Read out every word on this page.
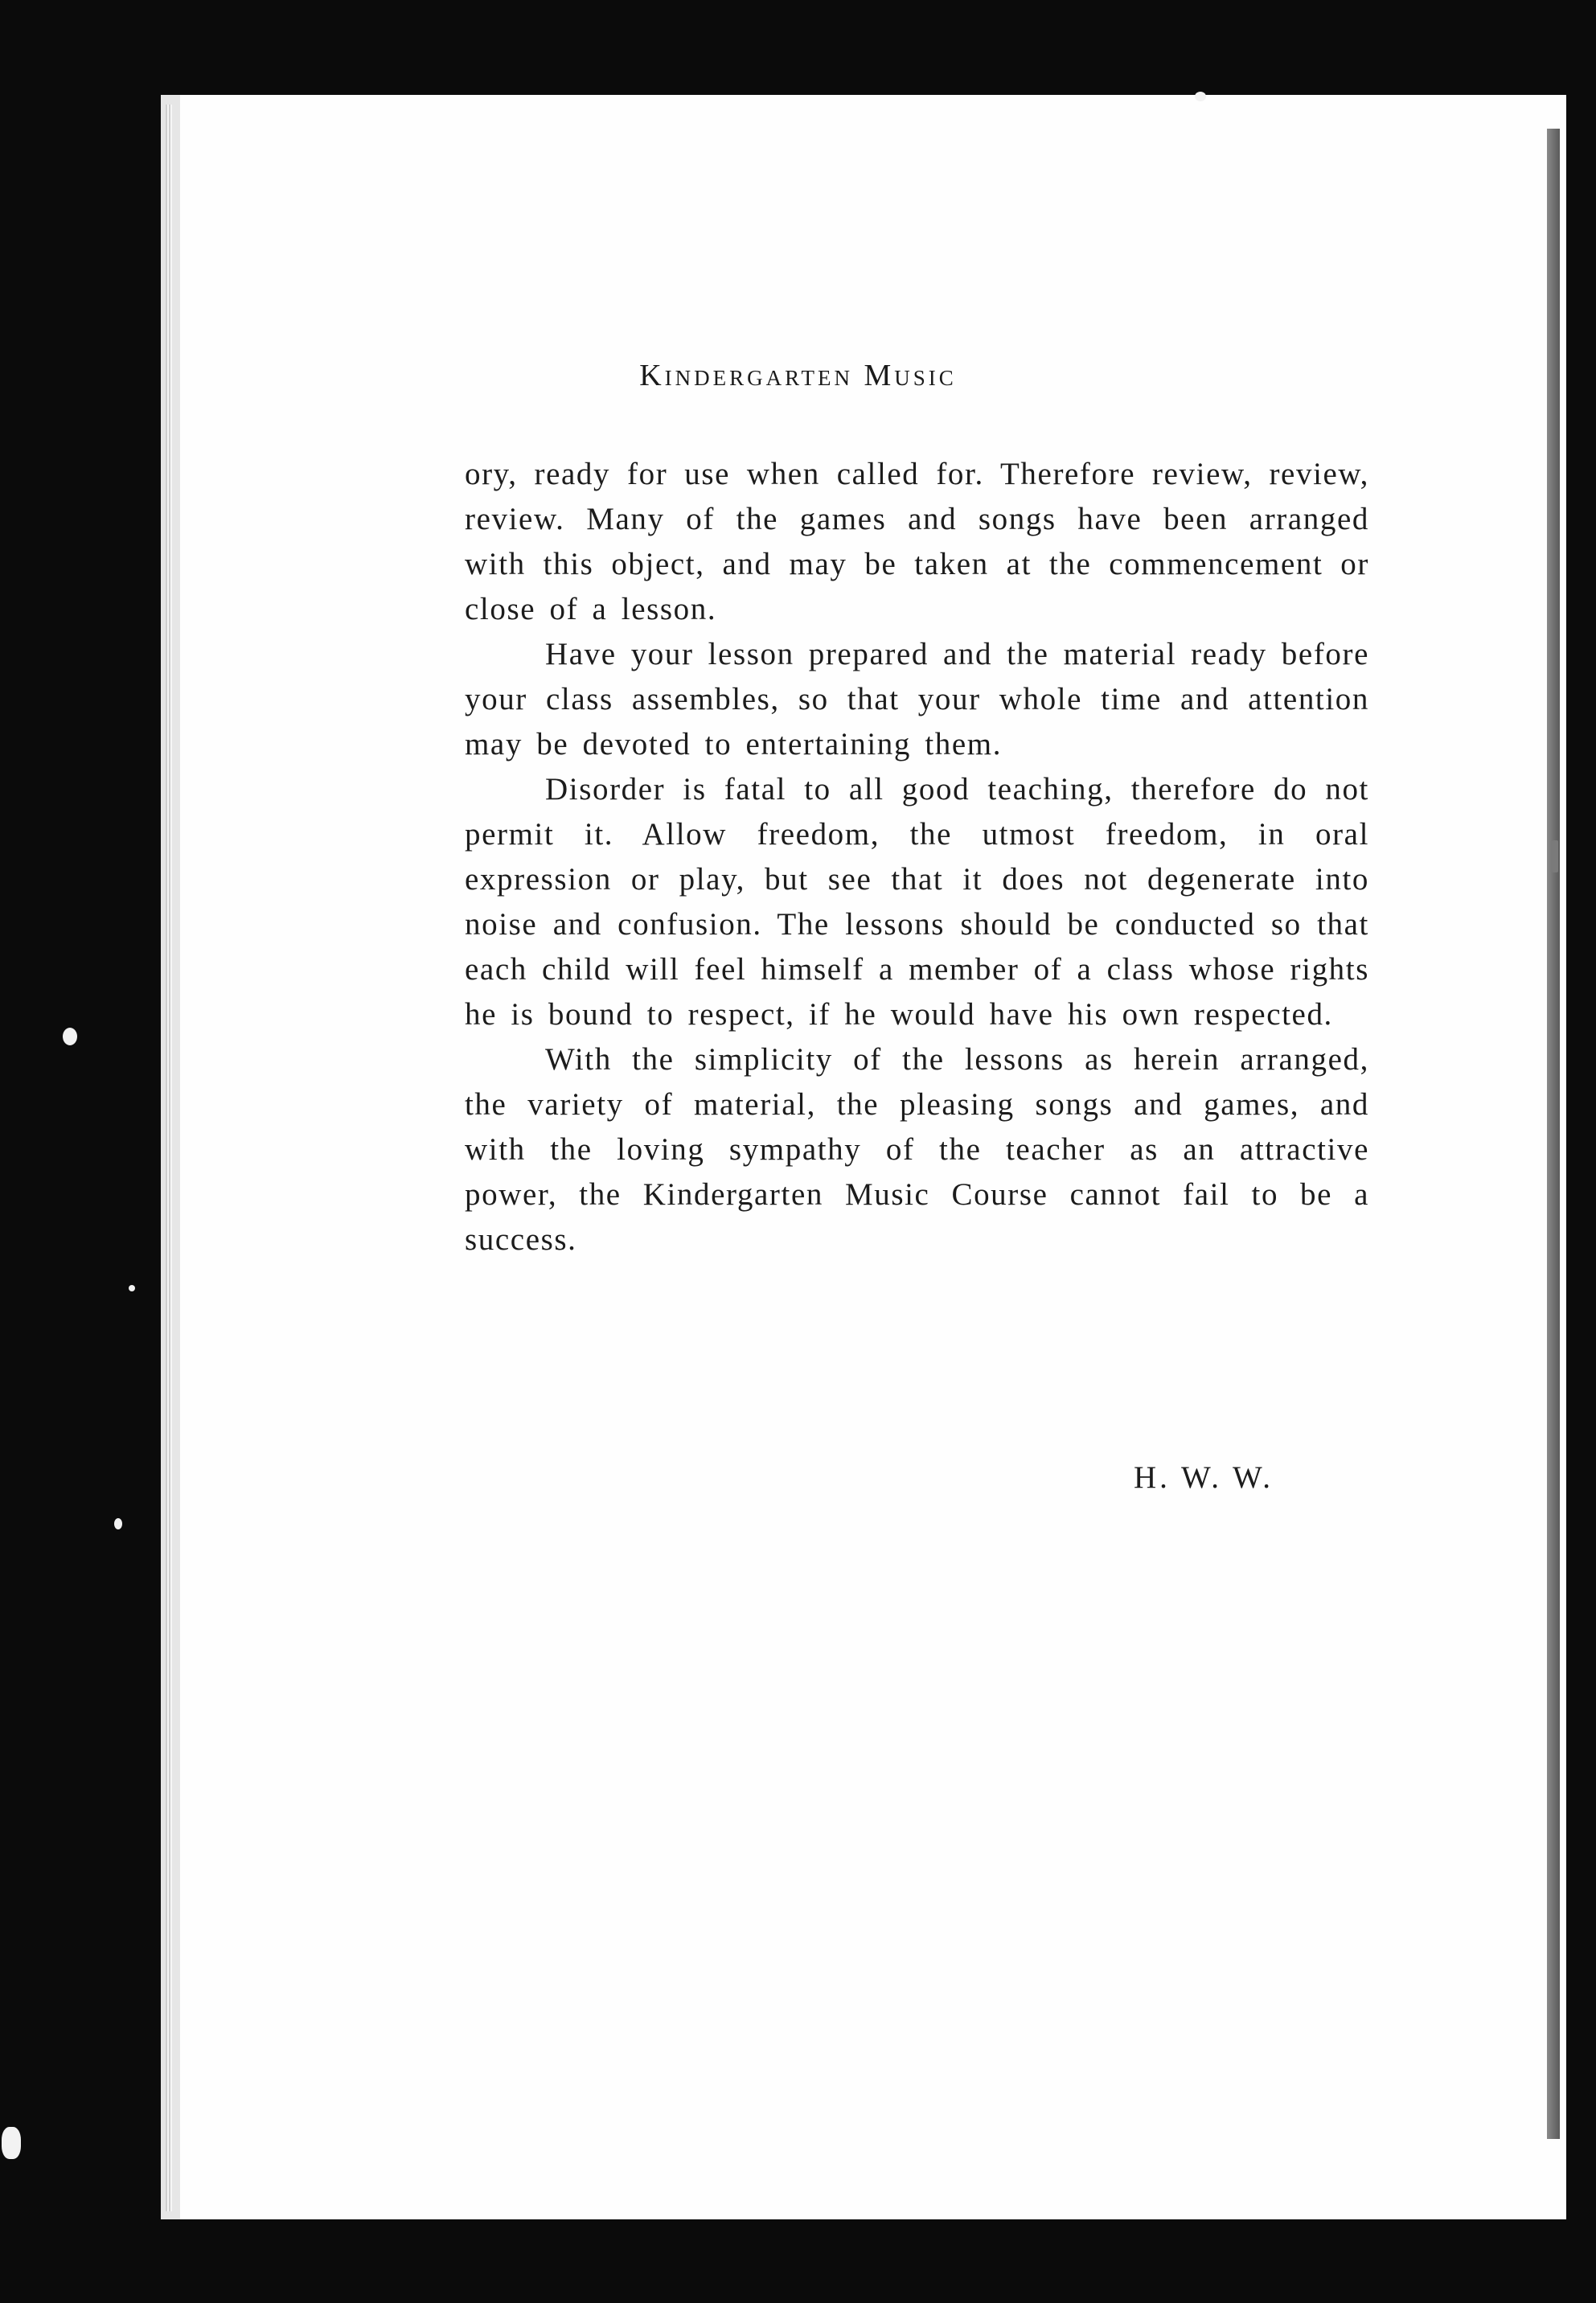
Kindergarten Music

ory, ready for use when called for. Therefore review, review, review. Many of the games and songs have been arranged with this object, and may be taken at the commencement or close of a lesson.

Have your lesson prepared and the material ready before your class assembles, so that your whole time and attention may be devoted to entertaining them.

Disorder is fatal to all good teaching, therefore do not permit it. Allow freedom, the utmost freedom, in oral expression or play, but see that it does not degenerate into noise and confusion. The lessons should be conducted so that each child will feel himself a member of a class whose rights he is bound to respect, if he would have his own respected.

With the simplicity of the lessons as herein arranged, the variety of material, the pleasing songs and games, and with the loving sympathy of the teacher as an attractive power, the Kindergarten Music Course cannot fail to be a success.

H. W. W.
